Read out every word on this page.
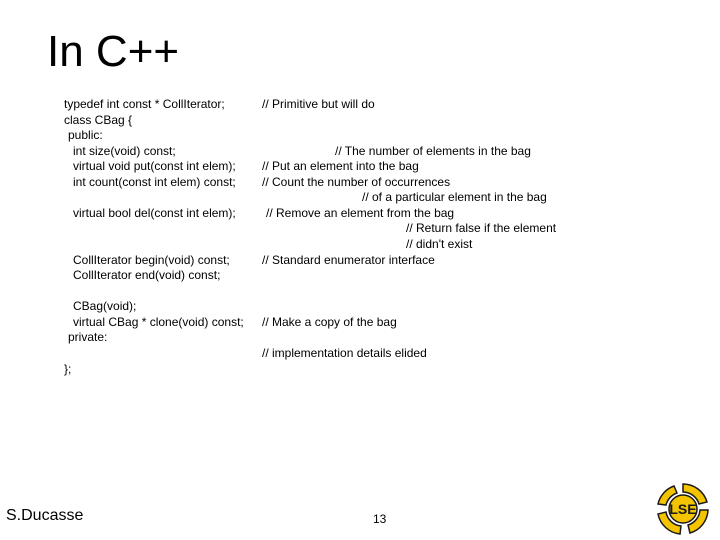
In C++
typedef int const * CollIterator;
class CBag {
public:
int size(void) const;
virtual void put(const int elem);
int count(const int elem) const;
virtual bool del(const int elem);
CollIterator begin(void) const;
CollIterator end(void) const;
CBag(void);
virtual CBag * clone(void) const;
private:
};
// Primitive but will do
// The number of elements in the bag
// Put an element into the bag
// Count the number of occurrences
// of a particular element in the bag
// Remove an element from the bag
// Return false if the element
// didn't exist
// Standard enumerator interface
// Make a copy of the bag
// implementation details elided
S.Ducasse	13
LSE
